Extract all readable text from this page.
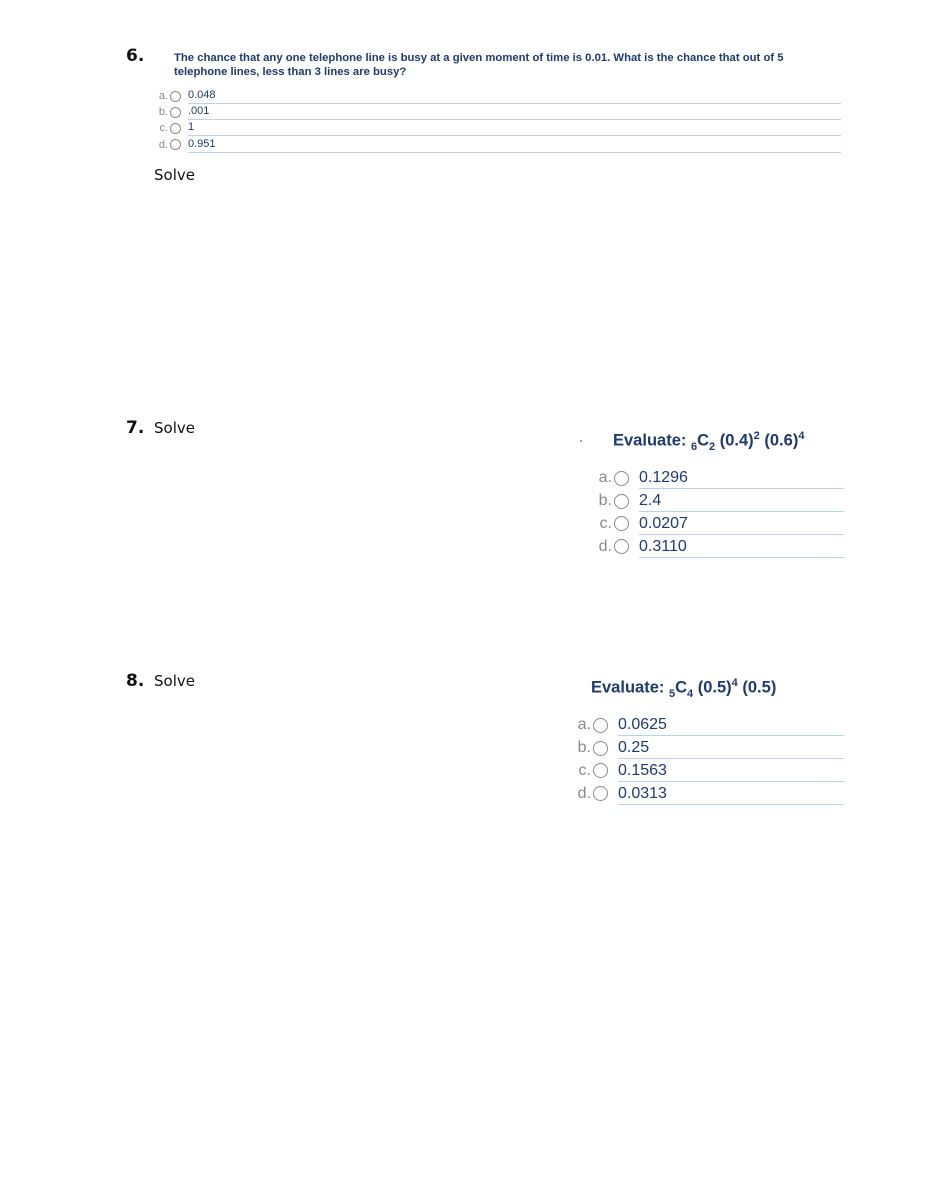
6.	The chance that any one telephone line is busy at a given moment of time is 0.01. What is the chance that out of 5
telephone lines, less than 3 lines are busy?
a. 0.048
b. .001
c. 1
d. 0.951
Solve
7. Solve
Evaluate: $_6C_2$ $(0.4)^2$ $(0.6)^4$
a. 0.1296
b. 2.4
c. 0.0207
d. 0.3110
8. Solve	Evaluate: $_5C_4$ $(0.5)^4$ (0.5)
a. 0.0625
b. 0.25
c. 0.1563
d. 0.0313
